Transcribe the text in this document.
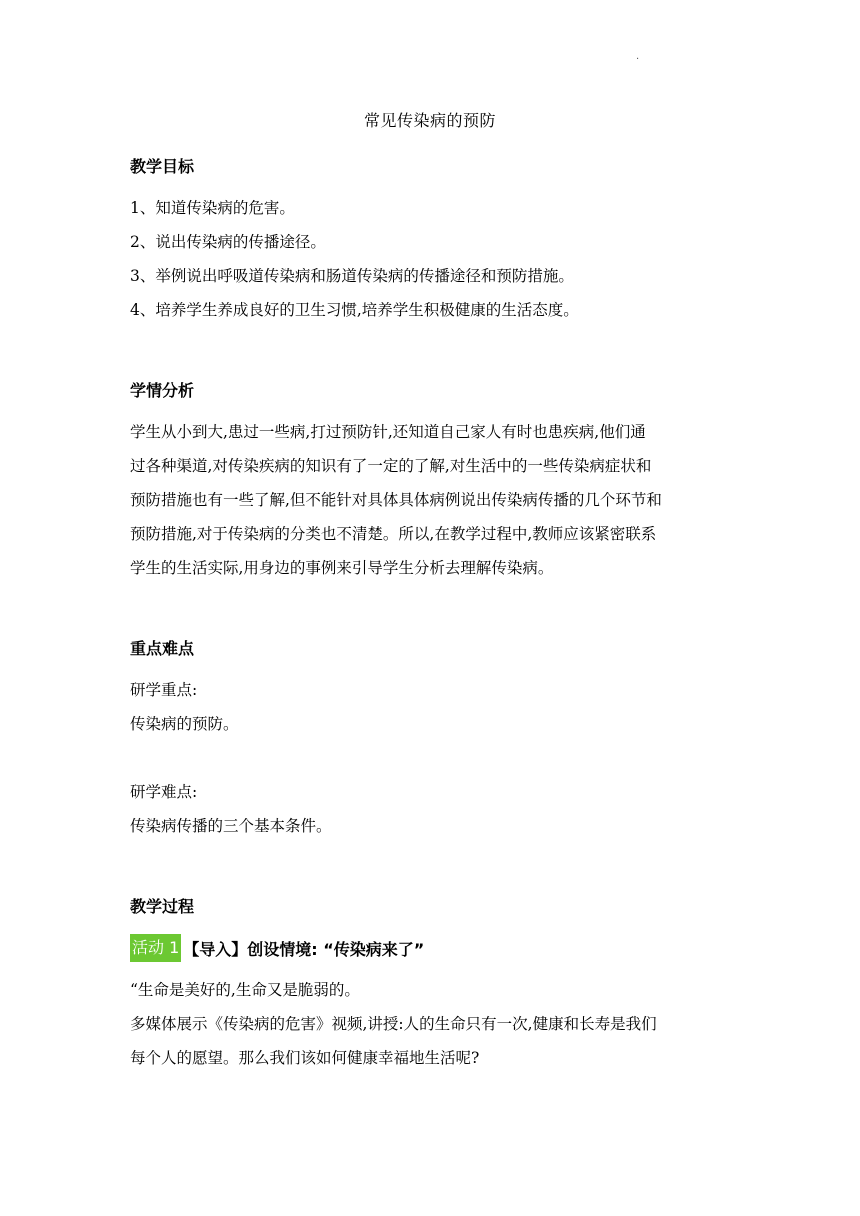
·
常见传染病的预防
教学目标
1、知道传染病的危害。
2、说出传染病的传播途径。
3、举例说出呼吸道传染病和肠道传染病的传播途径和预防措施。
4、培养学生养成良好的卫生习惯,培养学生积极健康的生活态度。
学情分析
学生从小到大,患过一些病,打过预防针,还知道自己家人有时也患疾病,他们通
过各种渠道,对传染疾病的知识有了一定的了解,对生活中的一些传染病症状和
预防措施也有一些了解,但不能针对具体具体病例说出传染病传播的几个环节和
预防措施,对于传染病的分类也不清楚。所以,在教学过程中,教师应该紧密联系
学生的生活实际,用身边的事例来引导学生分析去理解传染病。
重点难点
研学重点:
传染病的预防。
研学难点:
传染病传播的三个基本条件。
教学过程
活动 1 【导入】创设情境: “传染病来了”
“生命是美好的,生命又是脆弱的。
多媒体展示《传染病的危害》视频,讲授:人的生命只有一次,健康和长寿是我们
每个人的愿望。那么我们该如何健康幸福地生活呢?
